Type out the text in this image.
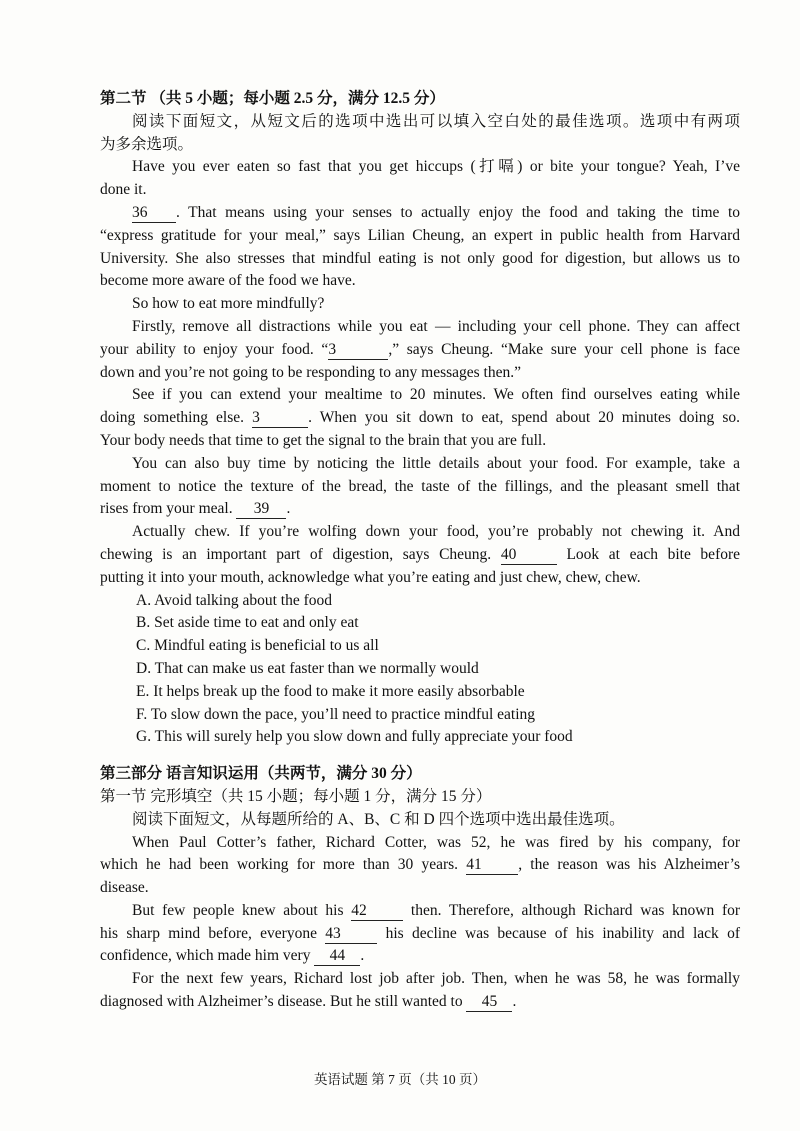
第二节 （共 5 小题；每小题 2.5 分，满分 12.5 分）
阅读下面短文，从短文后的选项中选出可以填入空白处的最佳选项。选项中有两项
为多余选项。
Have you ever eaten so fast that you get hiccups (打嗝) or bite your tongue? Yeah, I’ve
done it.
36 . That means using your senses to actually enjoy the food and taking the time to
“express gratitude for your meal,” says Lilian Cheung, an expert in public health from Harvard
University. She also stresses that mindful eating is not only good for digestion, but allows us to
become more aware of the food we have.
So how to eat more mindfully?
Firstly, remove all distractions while you eat — including your cell phone. They can affect
your ability to enjoy your food. “3	,” says Cheung. “Make sure your cell phone is face
down and you’re not going to be responding to any messages then.”
See if you can extend your mealtime to 20 minutes. We often find ourselves eating while
doing something else. 3	. When you sit down to eat, spend about 20 minutes doing so.
Your body needs that time to get the signal to the brain that you are full.
You can also buy time by noticing the little details about your food. For example, take a
moment to notice the texture of the bread, the taste of the fillings, and the pleasant smell that
rises from your meal. 39 .
Actually chew. If you’re wolfing down your food, you’re probably not chewing it. And
chewing is an important part of digestion, says Cheung. 40	Look at each bite before
putting it into your mouth, acknowledge what you’re eating and just chew, chew, chew.
A. Avoid talking about the food
B. Set aside time to eat and only eat
C. Mindful eating is beneficial to us all
D. That can make us eat faster than we normally would
E. It helps break up the food to make it more easily absorbable
F. To slow down the pace, you’ll need to practice mindful eating
G. This will surely help you slow down and fully appreciate your food
第三部分 语言知识运用（共两节，满分 30 分）
第一节 完形填空（共 15 小题；每小题 1 分，满分 15 分）
阅读下面短文，从每题所给的 A、B、C 和 D 四个选项中选出最佳选项。
When Paul Cotter’s father, Richard Cotter, was 52, he was fired by his company, for
which he had been working for more than 30 years. 41 , the reason was his Alzheimer’s
disease.
But few people knew about his 42	then. Therefore, although Richard was known for
his sharp mind before, everyone 43	his decline was because of his inability and lack of
confidence, which made him very 44 .
For the next few years, Richard lost job after job. Then, when he was 58, he was formally
diagnosed with Alzheimer’s disease. But he still wanted to 45 .
英语试题 第 7 页（共 10 页）
